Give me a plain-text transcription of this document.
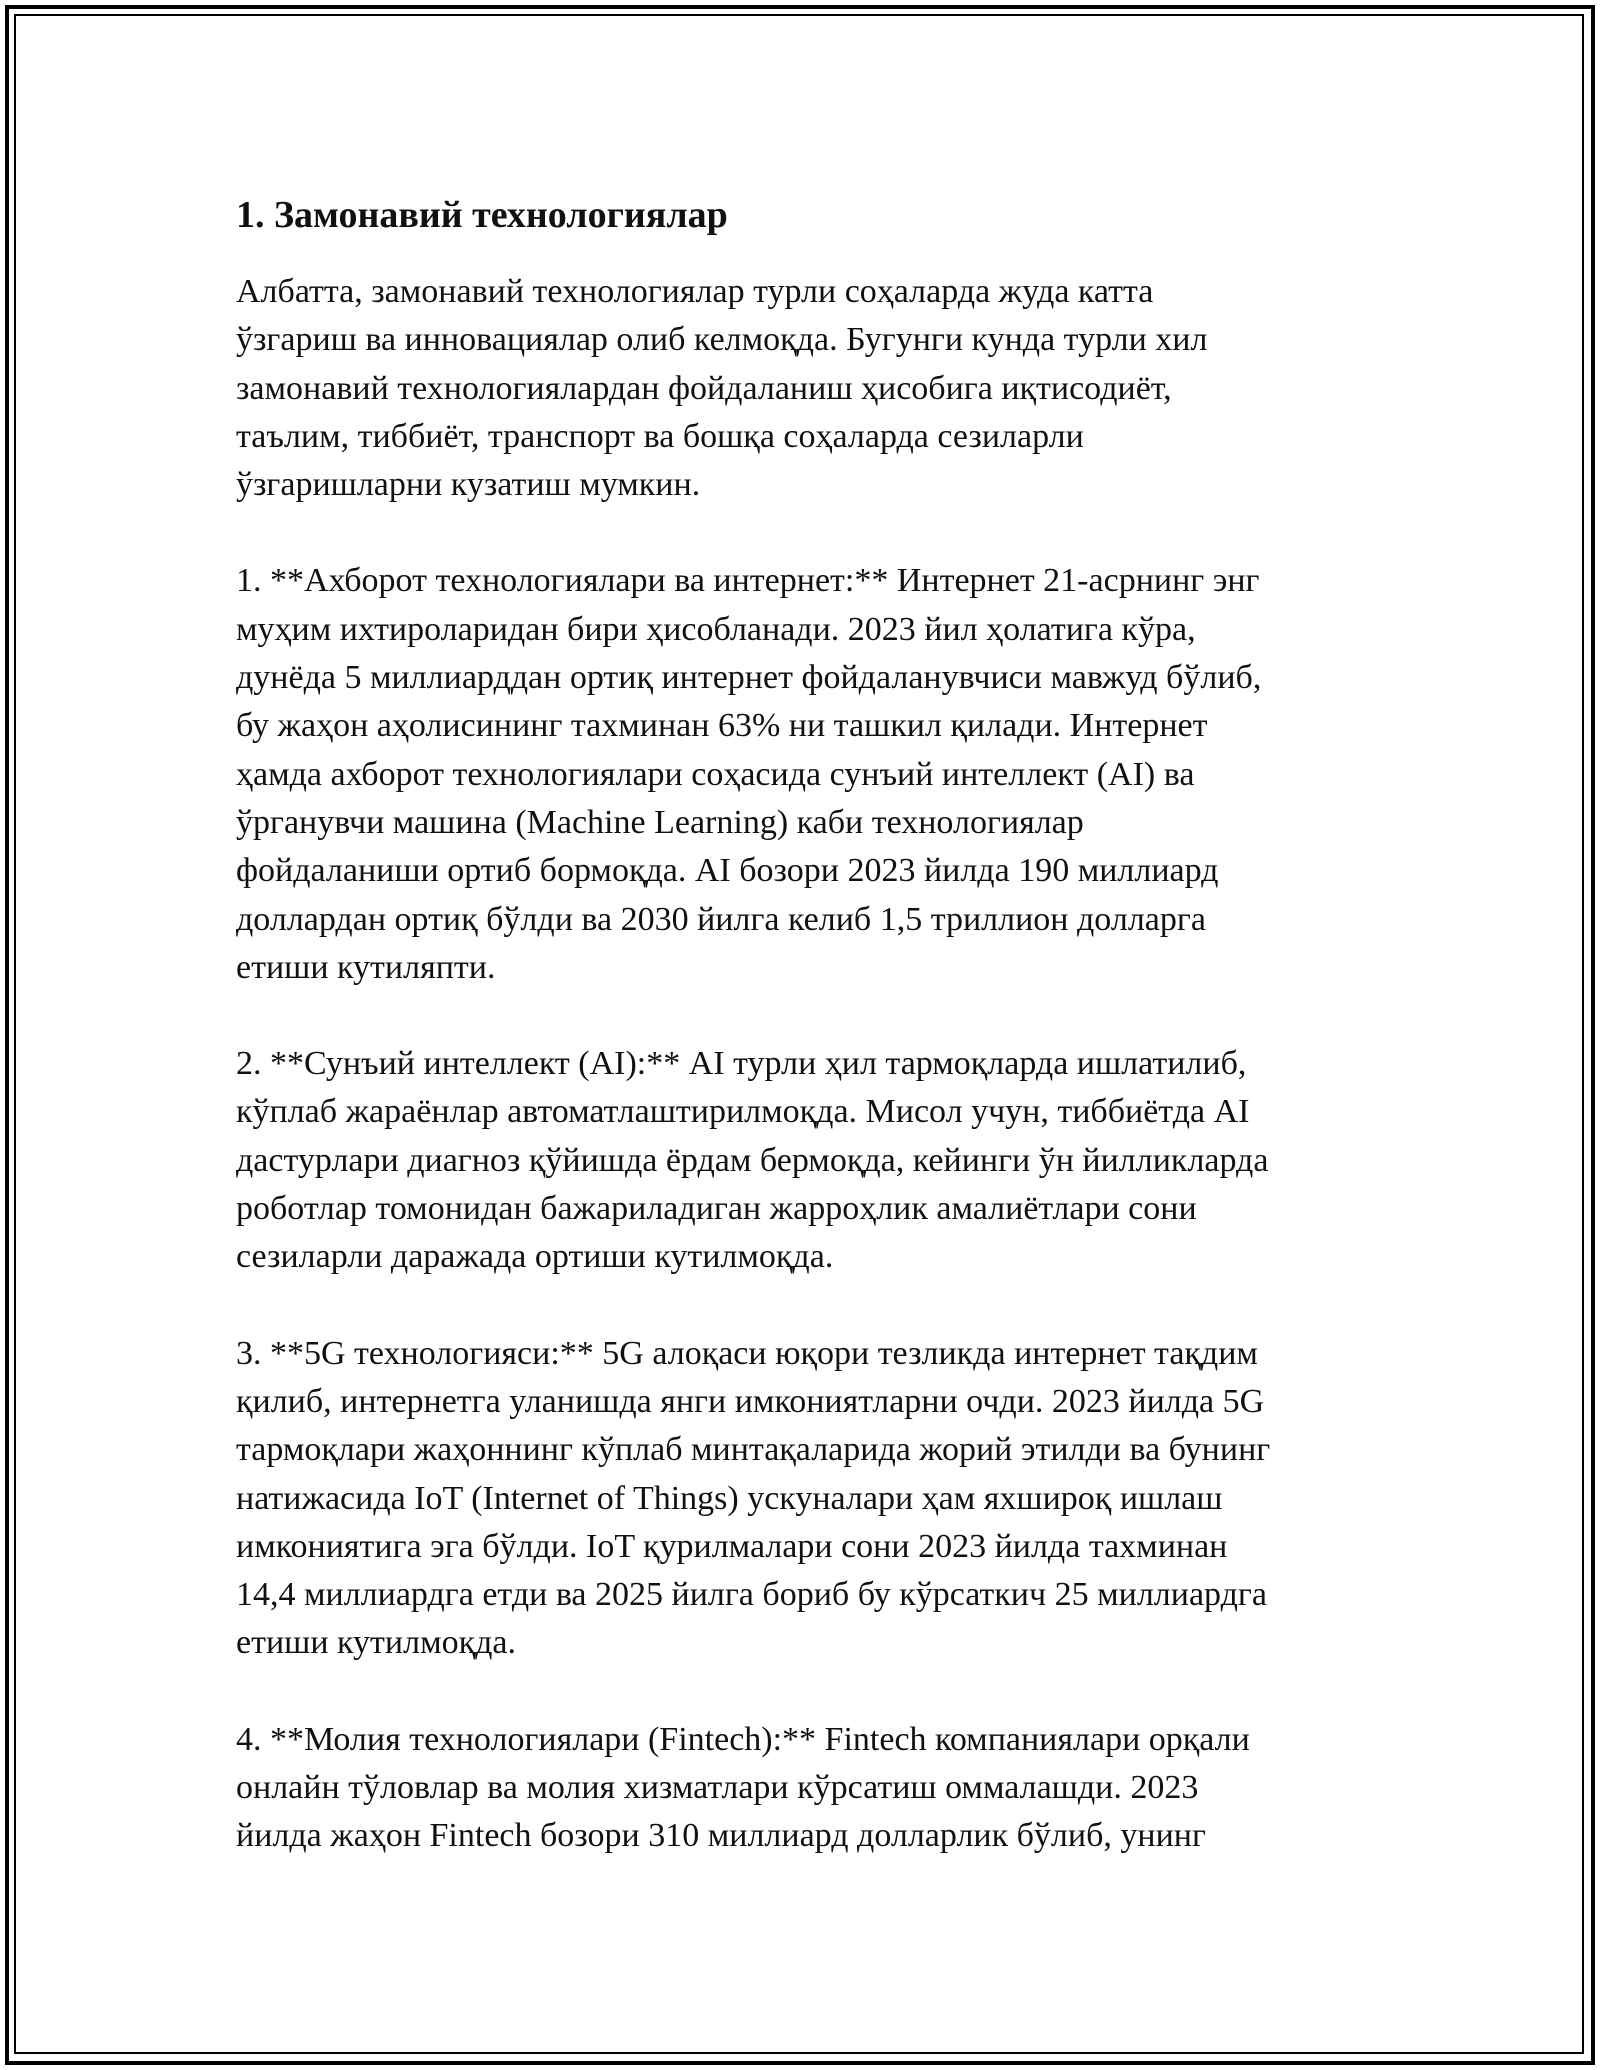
1. Замонавий технологиялар

Албатта, замонавий технологиялар турли соҳаларда жуда катта
ўзгариш ва инновациялар олиб келмоқда. Бугунги кунда турли хил
замонавий технологиялардан фойдаланиш ҳисобига иқтисодиёт,
таълим, тиббиёт, транспорт ва бошқа соҳаларда сезиларли
ўзгаришларни кузатиш мумкин.

1. **Ахборот технологиялари ва интернет:** Интернет 21-асрнинг энг
муҳим ихтироларидан бири ҳисобланади. 2023 йил ҳолатига кўра,
дунёда 5 миллиарддан ортиқ интернет фойдаланувчиси мавжуд бўлиб,
бу жаҳон аҳолисининг тахминан 63% ни ташкил қилади. Интернет
ҳамда ахборот технологиялари соҳасида сунъий интеллект (AI) ва
ўрганувчи машина (Machine Learning) каби технологиялар
фойдаланиши ортиб бормоқда. AI бозори 2023 йилда 190 миллиард
доллардан ортиқ бўлди ва 2030 йилга келиб 1,5 триллион долларга
етиши кутиляпти.

2. **Сунъий интеллект (AI):** AI турли ҳил тармоқларда ишлатилиб,
кўплаб жараёнлар автоматлаштирилмоқда. Мисол учун, тиббиётда AI
дастурлари диагноз қўйишда ёрдам бермоқда, кейинги ўн йилликларда
роботлар томонидан бажариладиган жарроҳлик амалиётлари сони
сезиларли даражада ортиши кутилмоқда.

3. **5G технологияси:** 5G алоқаси юқори тезликда интернет тақдим
қилиб, интернетга уланишда янги имкониятларни очди. 2023 йилда 5G
тармоқлари жаҳоннинг кўплаб минтақаларида жорий этилди ва бунинг
натижасида IoT (Internet of Things) ускуналари ҳам яхшироқ ишлаш
имкониятига эга бўлди. IoT қурилмалари сони 2023 йилда тахминан
14,4 миллиардга етди ва 2025 йилга бориб бу кўрсаткич 25 миллиардга
етиши кутилмоқда.

4. **Молия технологиялари (Fintech):** Fintech компаниялари орқали
онлайн тўловлар ва молия хизматлари кўрсатиш оммалашди. 2023
йилда жаҳон Fintech бозори 310 миллиард долларлик бўлиб, унинг
